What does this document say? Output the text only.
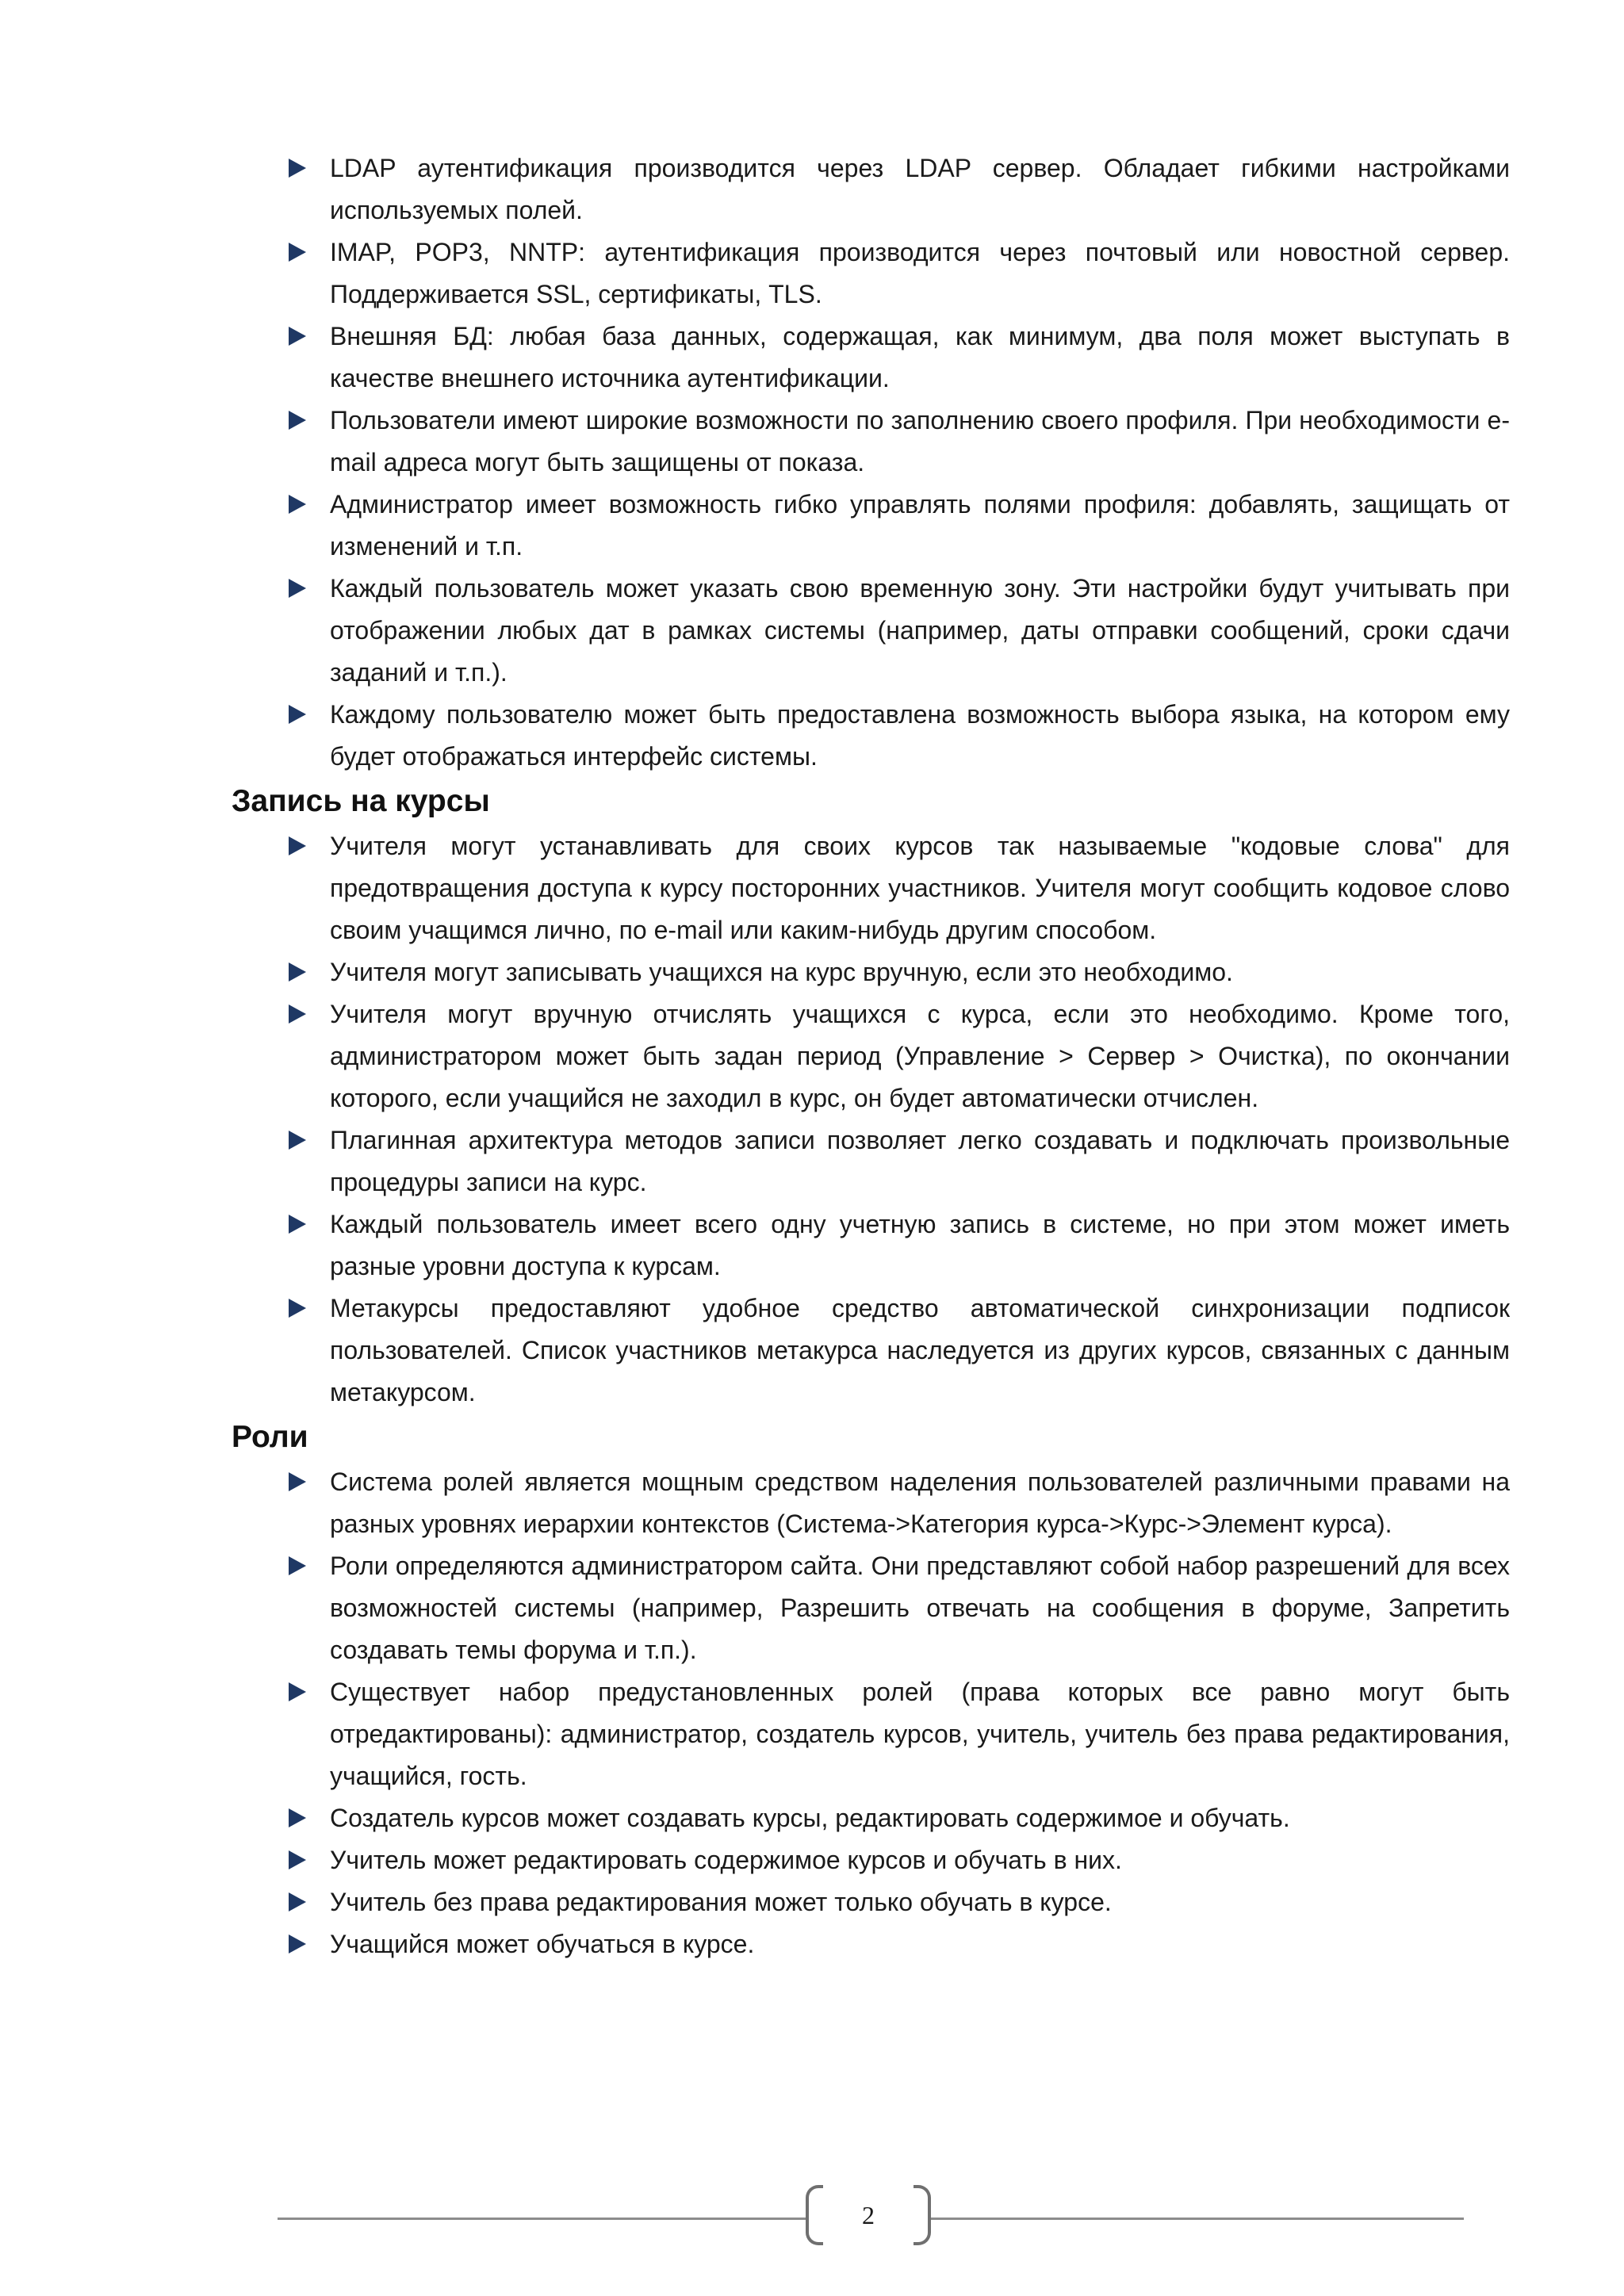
LDAP аутентификация производится через LDAP сервер. Обладает гибкими настройками используемых полей.
IMAP, POP3, NNTP: аутентификация производится через почтовый или новостной сервер. Поддерживается SSL, сертификаты, TLS.
Внешняя БД: любая база данных, содержащая, как минимум, два поля может выступать в качестве внешнего источника аутентификации.
Пользователи имеют широкие возможности по заполнению своего профиля. При необходимости e-mail адреса могут быть защищены от показа.
Администратор имеет возможность гибко управлять полями профиля: добавлять, защищать от изменений и т.п.
Каждый пользователь может указать свою временную зону. Эти настройки будут учитывать при отображении любых дат в рамках системы (например, даты отправки сообщений, сроки сдачи заданий и т.п.).
Каждому пользователю может быть предоставлена возможность выбора языка, на котором ему будет отображаться интерфейс системы.
Запись на курсы
Учителя могут устанавливать для своих курсов так называемые "кодовые слова" для предотвращения доступа к курсу посторонних участников. Учителя могут сообщить кодовое слово своим учащимся лично, по e-mail или каким-нибудь другим способом.
Учителя могут записывать учащихся на курс вручную, если это необходимо.
Учителя могут вручную отчислять учащихся с курса, если это необходимо. Кроме того, администратором может быть задан период (Управление > Сервер > Очистка), по окончании которого, если учащийся не заходил в курс, он будет автоматически отчислен.
Плагинная архитектура методов записи позволяет легко создавать и подключать произвольные процедуры записи на курс.
Каждый пользователь имеет всего одну учетную запись в системе, но при этом может иметь разные уровни доступа к курсам.
Метакурсы предоставляют удобное средство автоматической синхронизации подписок пользователей. Список участников метакурса наследуется из других курсов, связанных с данным метакурсом.
Роли
Система ролей является мощным средством наделения пользователей различными правами на разных уровнях иерархии контекстов (Система->Категория курса->Курс->Элемент курса).
Роли определяются администратором сайта. Они представляют собой набор разрешений для всех возможностей системы (например, Разрешить отвечать на сообщения в форуме, Запретить создавать темы форума и т.п.).
Существует набор предустановленных ролей (права которых все равно могут быть отредактированы): администратор, создатель курсов, учитель, учитель без права редактирования, учащийся, гость.
Создатель курсов может создавать курсы, редактировать содержимое и обучать.
Учитель может редактировать содержимое курсов и обучать в них.
Учитель без права редактирования может только обучать в курсе.
Учащийся может обучаться в курсе.
2
